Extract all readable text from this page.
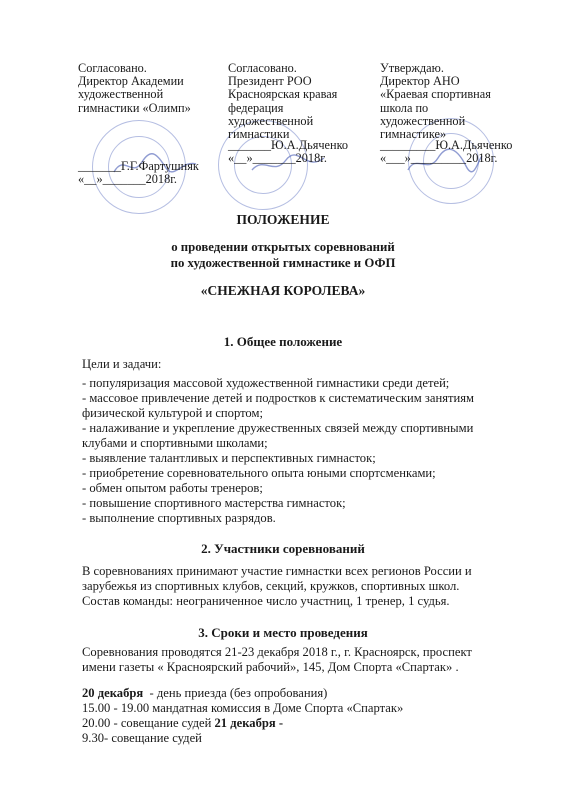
Согласовано.
Директор Академии
художественной
гимнастики «Олимп»
_______Г.Г.Фартушняк
«__»_______2018г.
Согласовано.
Президент РОО
Красноярская кравая
федерация
художественной
гимнастики
_______Ю.А.Дьяченко
«__»_______2018г.
Утверждаю.
Директор АНО
«Краевая спортивная
школа по
художественной
гимнастике»
_________Ю.А.Дьяченко
«___»_________2018г.
ПОЛОЖЕНИЕ
о проведении открытых соревнований
по художественной гимнастике и ОФП
«СНЕЖНАЯ КОРОЛЕВА»
1. Общее положение
Цели и задачи:
- популяризация массовой художественной гимнастики среди детей;
- массовое привлечение детей и подростков к систематическим занятиям
физической культурой и спортом;
- налаживание и укрепление дружественных связей между спортивными
клубами и спортивными школами;
- выявление талантливых и перспективных гимнасток;
- приобретение соревновательного опыта юными спортсменками;
- обмен опытом работы тренеров;
- повышение спортивного мастерства гимнасток;
- выполнение спортивных разрядов.
2. Участники соревнований
В соревнованиях принимают участие гимнастки всех регионов России и
зарубежья из спортивных клубов, секций, кружков, спортивных школ.
Состав команды: неограниченное число участниц, 1 тренер, 1 судья.
3. Сроки и место проведения
Соревнования проводятся 21-23 декабря 2018 г., г. Красноярск, проспект
имени газеты « Красноярский рабочий», 145, Дом Спорта «Спартак» .
20 декабря  - день приезда (без опробования)
15.00 - 19.00 мандатная комиссия в Доме Спорта «Спартак»
20.00 - совещание судей 21 декабря -
9.30- совещание судей
